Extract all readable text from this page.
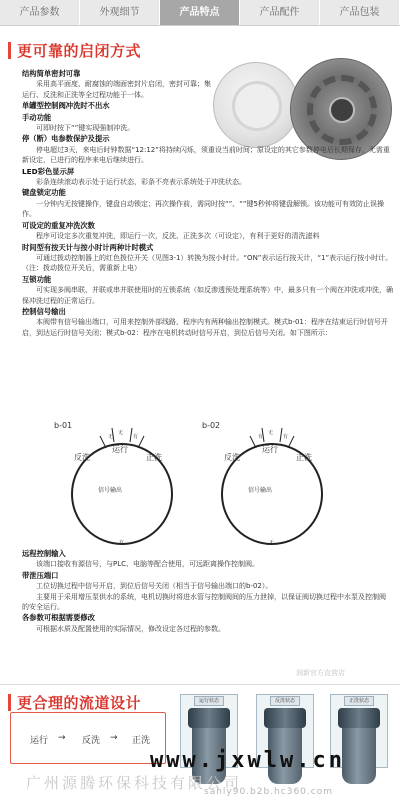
产品参数	外观细节	产品特点	产品配件	产品包装
更可靠的启闭方式
结构简单密封可靠
采用高平面度、耐腐蚀的端面密封片启闭，密封可靠；集运行、反洗和正洗等全过程功能于一体。
单罐型控制阀冲洗时不出水
手动功能
可即时按下“”键实现强制冲洗。
停（断）电参数保护及提示
停电超过3天，来电后时钟数据“12:12”将持续闪烁，须重设当前时间；原设定的其它参数停电后长期保存，无需重新设定，已进行的程序来电后继续进行。
LED彩色显示屏
彩条连续滚动表示处于运行状态，彩条不亮表示系统处于冲洗状态。
键盘锁定功能
一分钟内无按键操作，键盘自动锁定；再次操作前，需同时按“”、“”键5秒钟将键盘解锁。该功能可有效防止误操作。
可设定的重复冲洗次数
程序可设定多次重复冲洗，即运行一次，反洗、正洗多次（可设定），有利于更好的清洗滤料
时间型有按天计与按小时计两种计时模式
可通过拨动控制器上的红色拨位开关（见图3-1）转换为按小时计。“ON”表示运行按天计，“1”表示运行按小时计。（注：拨动拨位开关后，需重新上电）
互锁功能
可实现多阀串联、并联或串并联使用时的互锁系统（如反渗透预处理系统等）中，最多只有一个阀在冲洗或冲洗，确保冲洗过程的正常运行。
控制信号输出
本阀带有信号输出端口，可用来控制外部线路，程序内有两种输出控制模式。模式b-01：程序在结束运行时信号开启，到达运行时信号关闭；模式b-02：程序在电机转动时信号开启，到位后信号关闭。如下图所示：
b-01
无
无
有
运行
反洗	正洗
信号输出
有
b-02
有
无
有
运行
反洗	正洗
信号输出
无
远程控制输入
该端口接收有源信号，与PLC、电脑等配合使用，可远距离操作控制阀。
带泄压端口
工位切换过程中信号开启，到位后信号关闭（相当于信号输出端口的b-02）。
主要用于采用增压泵供水的系统，电机切换时将进水管与控制阀间的压力泄掉，以保证阀切换过程中水泵及控制阀的安全运行。
各参数可根据需要修改
可根据水质及配置使用的实际情况，修改设定各过程的参数。
润新官方直营店
更合理的流道设计
运行 → 反洗 → 正洗
运行状态	反洗状态	正洗状态
www.jxwlw.cn
广州源腾环保科技有限公司
sanly90.b2b.hc360.com
